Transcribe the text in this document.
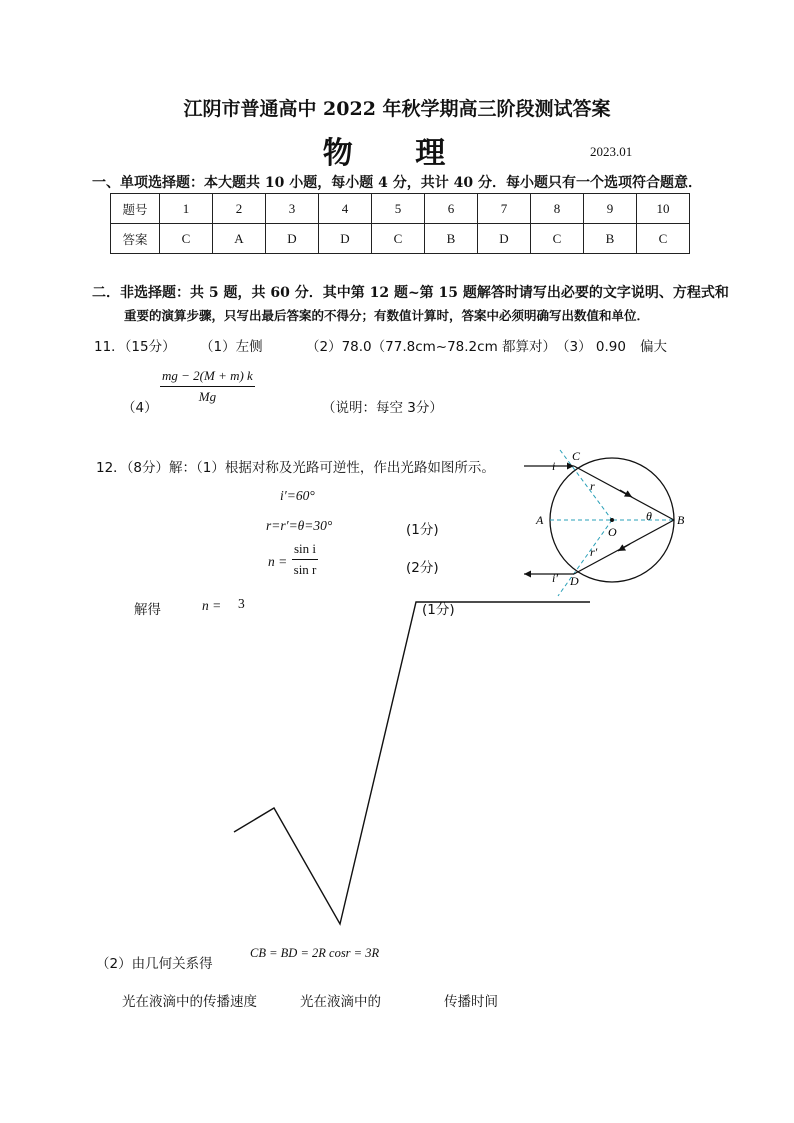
江阴市普通高中 2022 年秋学期高三阶段测试答案
物 理	2023.01
一、单项选择题：本大题共 10 小题，每小题 4 分，共计 40 分．每小题只有一个选项符合题意．
题号	1	2	3	4	5	6	7	8	9	10
答案	C	A	D	D	C	B	D	C	B	C
二．非选择题：共 5 题，共 60 分．其中第 12 题~第 15 题解答时请写出必要的文字说明、方程式和
重要的演算步骤，只写出最后答案的不得分；有数值计算时，答案中必须明确写出数值和单位．
11．（15分） （1）左侧	（2）78.0（77.8cm~78.2cm 都算对） （3） 0.90 偏大
（4）
$\frac{mg - 2(M + m) k}{Mg}$
（说明：每空 3分）
12．（8分）解：（1）根据对称及光路可逆性，作出光路如图所示。
i′=60°
r=r′=θ=30°	(1分)
$n = \frac{\text{sin i}}{\text{sin r}}$	(2分)
解得	n = 3	(1分)
（2）由几何关系得
CB = BD = 2R cosr = 3R
光在液滴中的传播速度	光在液滴中的	传播时间
C
D
A	B
O
i
i′
r
r′
θ
